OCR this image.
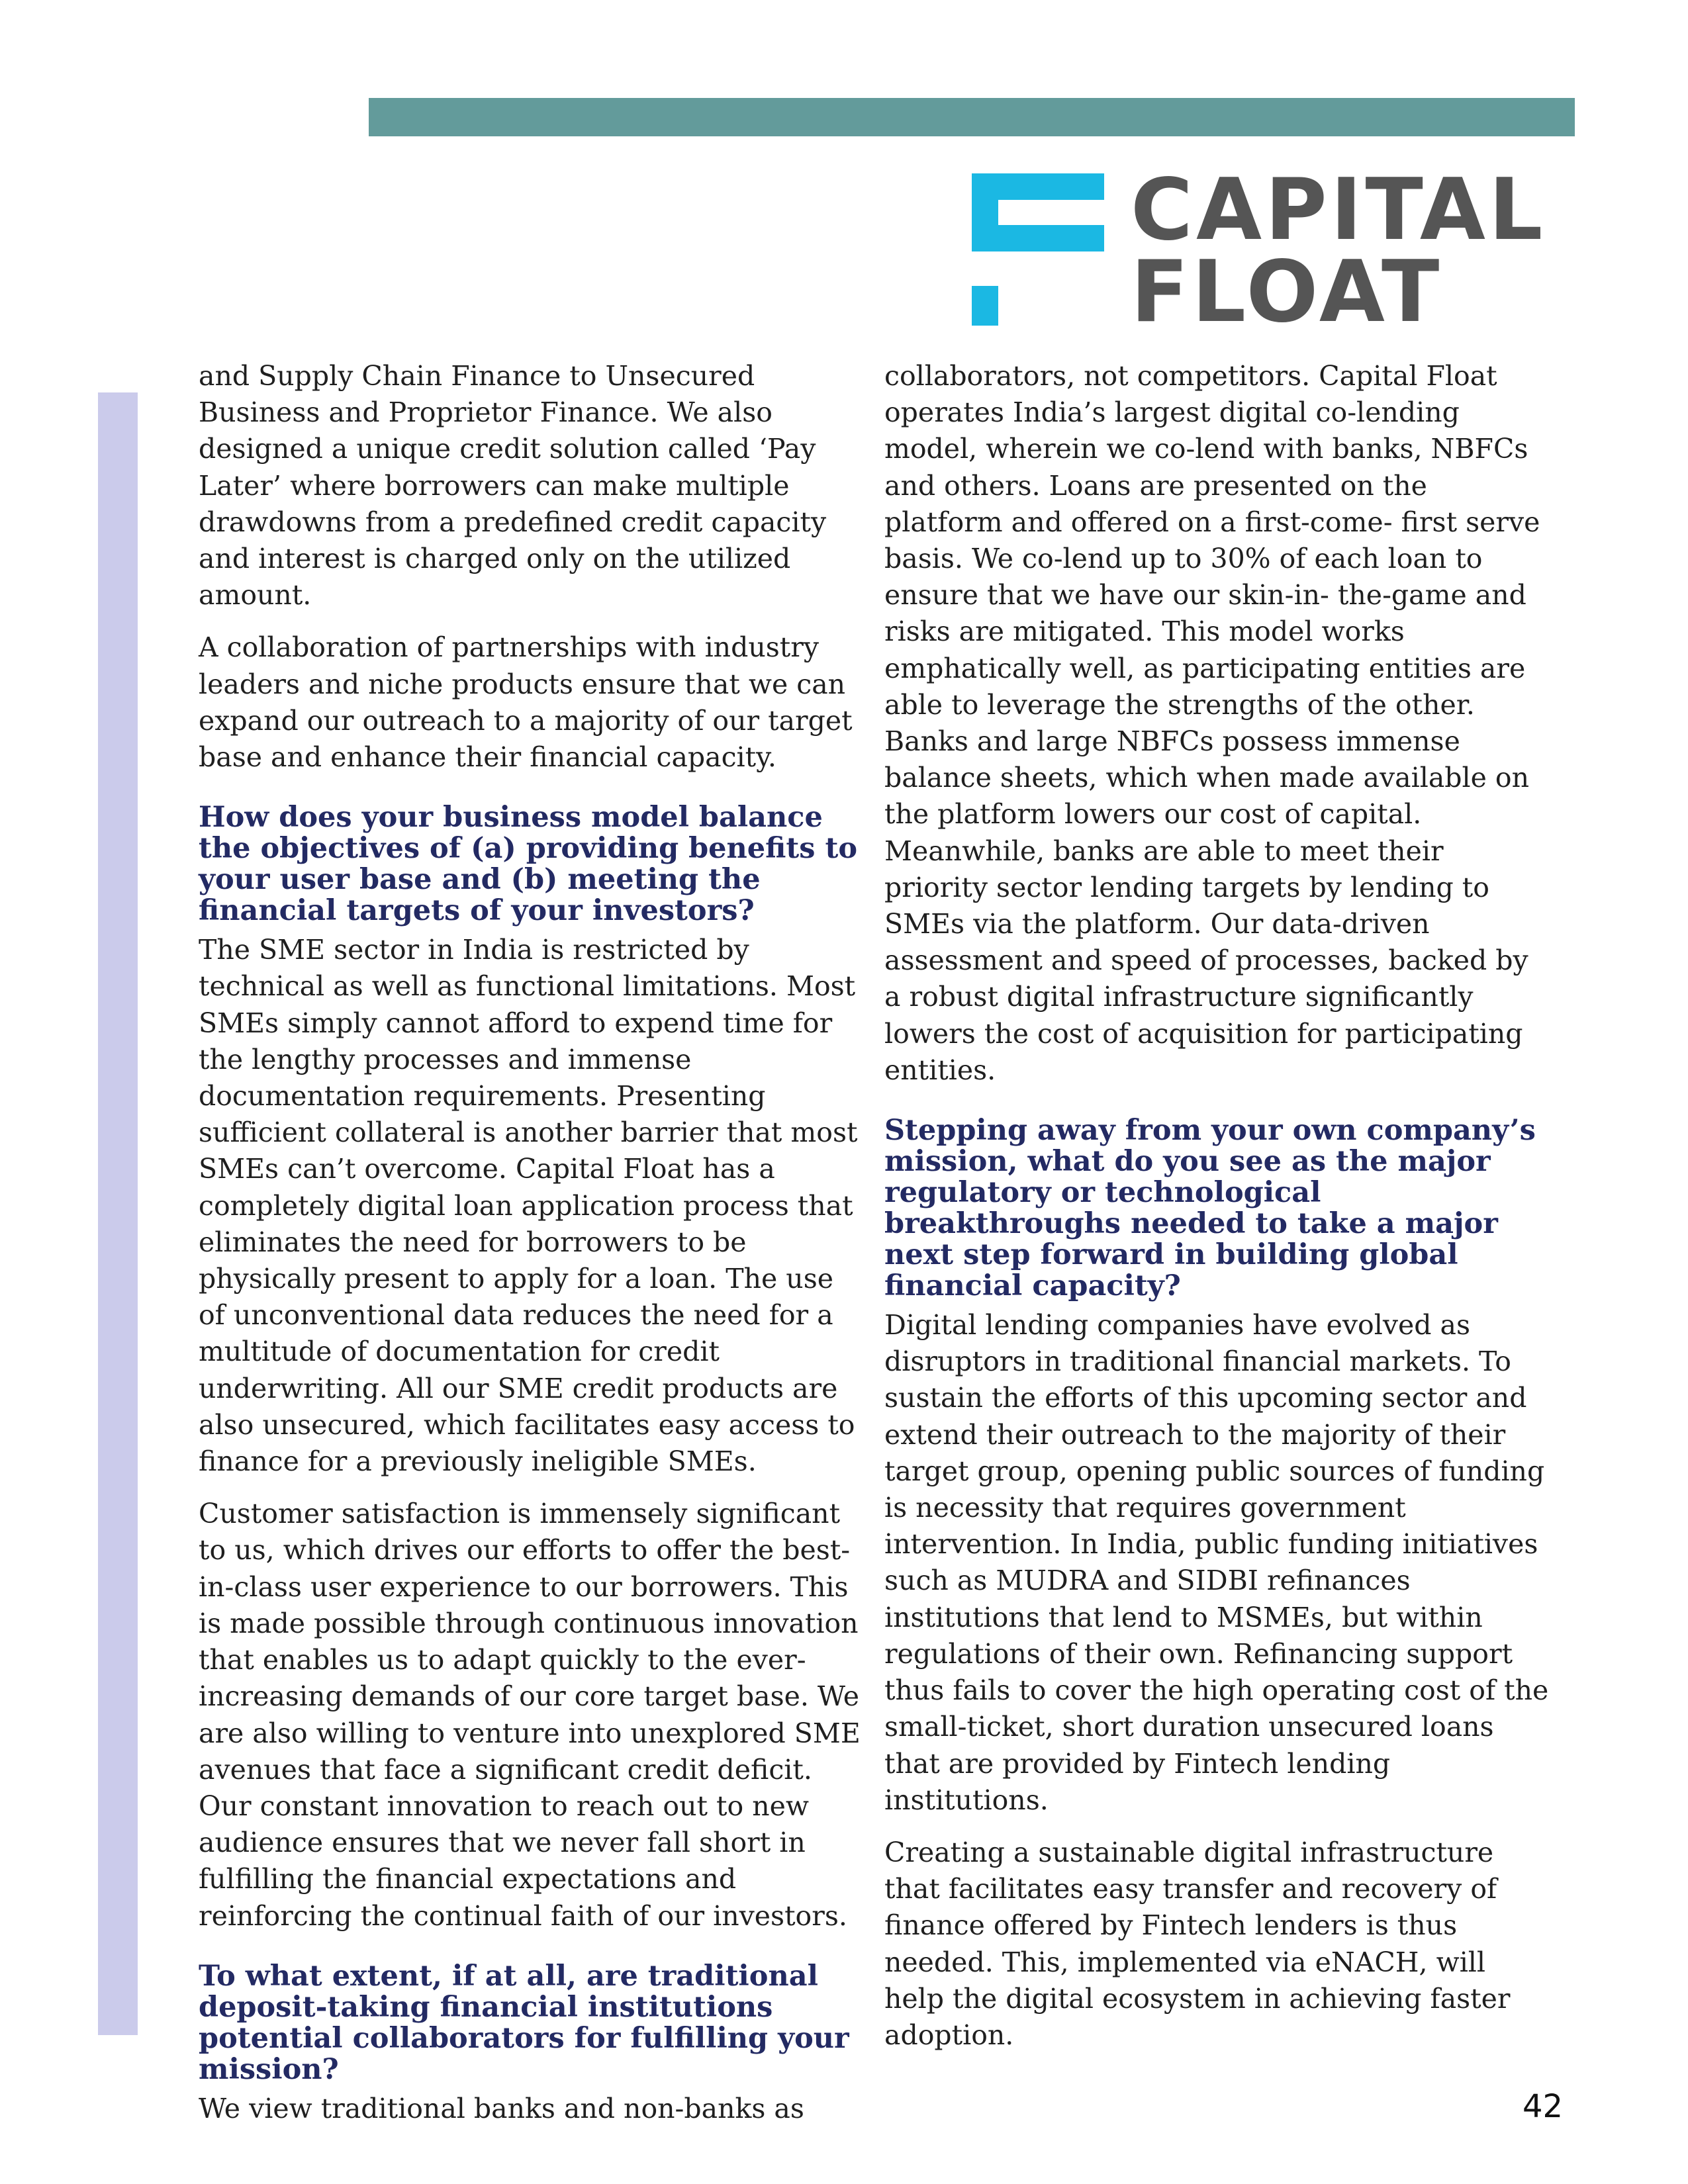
CAPITAL
FLOAT

and Supply Chain Finance to Unsecured Business and Proprietor Finance. We also designed a unique credit solution called ‘Pay Later’ where borrowers can make multiple drawdowns from a predefined credit capacity and interest is charged only on the utilized amount.

A collaboration of partnerships with industry leaders and niche products ensure that we can expand our outreach to a majority of our target base and enhance their financial capacity.

How does your business model balance the objectives of (a) providing benefits to your user base and (b) meeting the financial targets of your investors?

The SME sector in India is restricted by technical as well as functional limitations. Most SMEs simply cannot afford to expend time for the lengthy processes and immense documentation requirements. Presenting sufficient collateral is another barrier that most SMEs can’t overcome. Capital Float has a completely digital loan application process that eliminates the need for borrowers to be physically present to apply for a loan. The use of unconventional data reduces the need for a multitude of documentation for credit underwriting. All our SME credit products are also unsecured, which facilitates easy access to finance for a previously ineligible SMEs.

Customer satisfaction is immensely significant to us, which drives our efforts to offer the best-in-class user experience to our borrowers. This is made possible through continuous innovation that enables us to adapt quickly to the ever-increasing demands of our core target base. We are also willing to venture into unexplored SME avenues that face a significant credit deficit. Our constant innovation to reach out to new audience ensures that we never fall short in fulfilling the financial expectations and reinforcing the continual faith of our investors.

To what extent, if at all, are traditional deposit-taking financial institutions potential collaborators for fulfilling your mission?

We view traditional banks and non-banks as

collaborators, not competitors. Capital Float operates India’s largest digital co-lending model, wherein we co-lend with banks, NBFCs and others. Loans are presented on the platform and offered on a first-come- first serve basis. We co-lend up to 30% of each loan to ensure that we have our skin-in- the-game and risks are mitigated. This model works emphatically well, as participating entities are able to leverage the strengths of the other. Banks and large NBFCs possess immense balance sheets, which when made available on the platform lowers our cost of capital. Meanwhile, banks are able to meet their priority sector lending targets by lending to SMEs via the platform. Our data-driven assessment and speed of processes, backed by a robust digital infrastructure significantly lowers the cost of acquisition for participating entities.

Stepping away from your own company’s mission, what do you see as the major regulatory or technological breakthroughs needed to take a major next step forward in building global financial capacity?

Digital lending companies have evolved as disruptors in traditional financial markets. To sustain the efforts of this upcoming sector and extend their outreach to the majority of their target group, opening public sources of funding is necessity that requires government intervention. In India, public funding initiatives such as MUDRA and SIDBI refinances institutions that lend to MSMEs, but within regulations of their own. Refinancing support thus fails to cover the high operating cost of the small-ticket, short duration unsecured loans that are provided by Fintech lending institutions.

Creating a sustainable digital infrastructure that facilitates easy transfer and recovery of finance offered by Fintech lenders is thus needed. This, implemented via eNACH, will help the digital ecosystem in achieving faster adoption.

42
